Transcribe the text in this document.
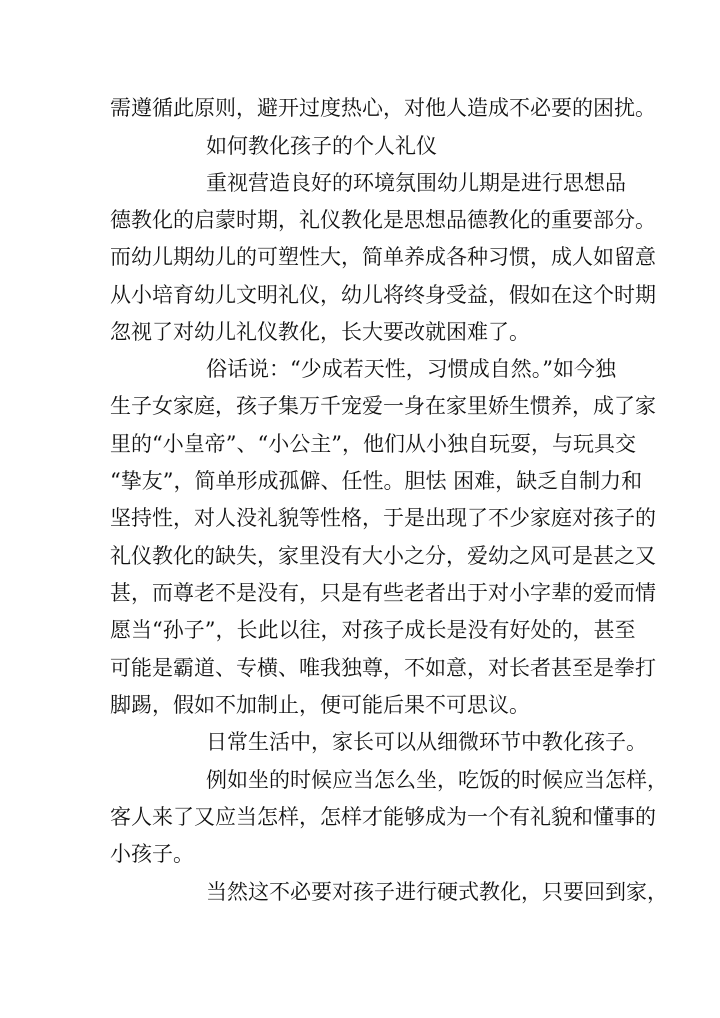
需遵循此原则，避开过度热心，对他人造成不必要的困扰。
如何教化孩子的个人礼仪
重视营造良好的环境氛围幼儿期是进行思想品
德教化的启蒙时期，礼仪教化是思想品德教化的重要部分。
而幼儿期幼儿的可塑性大，简单养成各种习惯，成人如留意
从小培育幼儿文明礼仪，幼儿将终身受益，假如在这个时期
忽视了对幼儿礼仪教化，长大要改就困难了。
俗话说：“少成若天性，习惯成自然。”如今独
生子女家庭，孩子集万千宠爱一身在家里娇生惯养，成了家
里的“小皇帝”、“小公主”，他们从小独自玩耍，与玩具交
“挚友”，简单形成孤僻、任性。胆怯 困难，缺乏自制力和
坚持性，对人没礼貌等性格，于是出现了不少家庭对孩子的
礼仪教化的缺失，家里没有大小之分，爱幼之风可是甚之又
甚，而尊老不是没有，只是有些老者出于对小字辈的爱而情
愿当“孙子”，长此以往，对孩子成长是没有好处的，甚至
可能是霸道、专横、唯我独尊，不如意，对长者甚至是拳打
脚踢，假如不加制止，便可能后果不可思议。
日常生活中，家长可以从细微环节中教化孩子。
例如坐的时候应当怎么坐，吃饭的时候应当怎样，
客人来了又应当怎样，怎样才能够成为一个有礼貌和懂事的
小孩子。
当然这不必要对孩子进行硬式教化，只要回到家，
